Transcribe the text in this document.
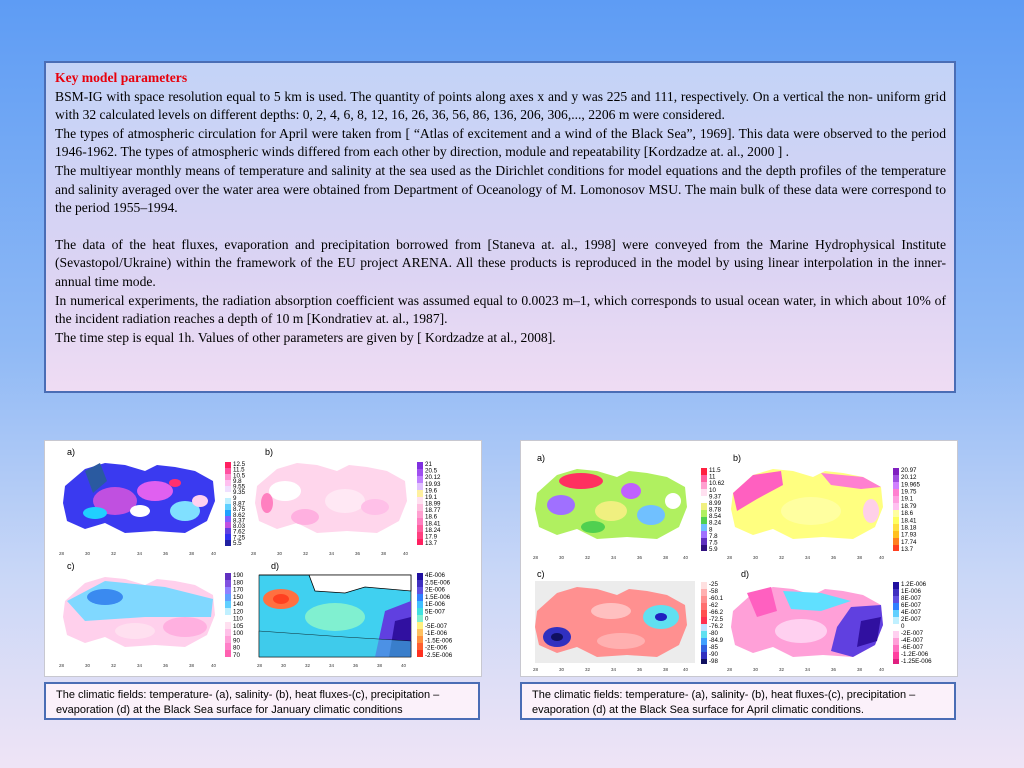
Key model parameters

BSM-IG with space resolution equal to 5 km is used. The quantity of points along axes x and y was 225 and 111, respectively. On a vertical the non- uniform grid with 32 calculated levels on different depths: 0, 2, 4, 6, 8, 12, 16, 26, 36, 56, 86, 136, 206, 306,..., 2206 m were considered.

The types of atmospheric circulation for April were taken from [ “Atlas of excitement and a wind of the Black Sea”, 1969]. This data were observed to the period 1946-1962. The types of atmospheric winds differed from each other by direction, module and repeatability [Kordzadze at. al., 2000 ] .

The multiyear monthly means of temperature and salinity at the sea used as the Dirichlet conditions for model equations and the depth profiles of the temperature and salinity averaged over the water area were obtained from Department of Oceanology of M. Lomonosov MSU. The main bulk of these data were correspond to the period 1955–1994.

The data of the heat fluxes, evaporation and precipitation borrowed from [Staneva at. al., 1998] were conveyed from the Marine Hydrophysical Institute (Sevastopol/Ukraine) within the framework of the EU project ARENA. All these products is reproduced in the model by using linear interpolation in the inner-annual time mode.

In numerical experiments, the radiation absorption coefficient was assumed equal to 0.0023 m–1, which corresponds to usual ocean water, in which about 10% of the incident radiation reaches a depth of 10 m [Kondratiev at. al., 1987].

The time step is equal 1h. Values of other parameters are given by [ Kordzadze at al., 2008].

a)
12.5
11.5
10.5
9.8
9.55
9.35
9
8.87
8.75
8.62
8.37
8.03
7.62
7.25
5.5
28	30	32	34	36	38	40
b)
21
20.5
20.12
19.93
19.6
19.1
18.99
18.77
18.6
18.41
18.24
17.9
13.7
28	30	32	34	36	38	40
c)
190
180
170
150
140
120
110
105
100
90
80
70
28	30	32	34	36	38	40
d)
4E-006
2.5E-006
2E-006
1.5E-006
1E-006
5E-007
0
-5E-007
-1E-006
-1.5E-006
-2E-006
-2.5E-006
28	30	32	34	36	38	40
a)
11.5
11
10.62
10
9.37
8.99
8.78
8.54
8.24
8
7.8
7.5
5.9
28	30	32	34	36	38	40
b)
20.97
20.12
19.965
19.75
19.1
18.79
18.6
18.41
18.18
17.93
17.74
13.7
28	30	32	34	36	38	40
c)
-25
-58
-60.1
-62
-66.2
-72.5
-76.2
-80
-84.9
-85
-90
-98
28	30	32	34	36	38	40
d)
1.2E-006
1E-006
8E-007
6E-007
4E-007
2E-007
0
-2E-007
-4E-007
-6E-007
-1.2E-006
-1.25E-006
28	30	32	34	36	38	40
The climatic fields: temperature- (a), salinity- (b), heat fluxes-(c), precipitation – evaporation (d) at the Black Sea surface for January climatic conditions
The climatic fields: temperature- (a), salinity- (b), heat fluxes-(c), precipitation – evaporation (d) at the Black Sea surface for April climatic conditions.
